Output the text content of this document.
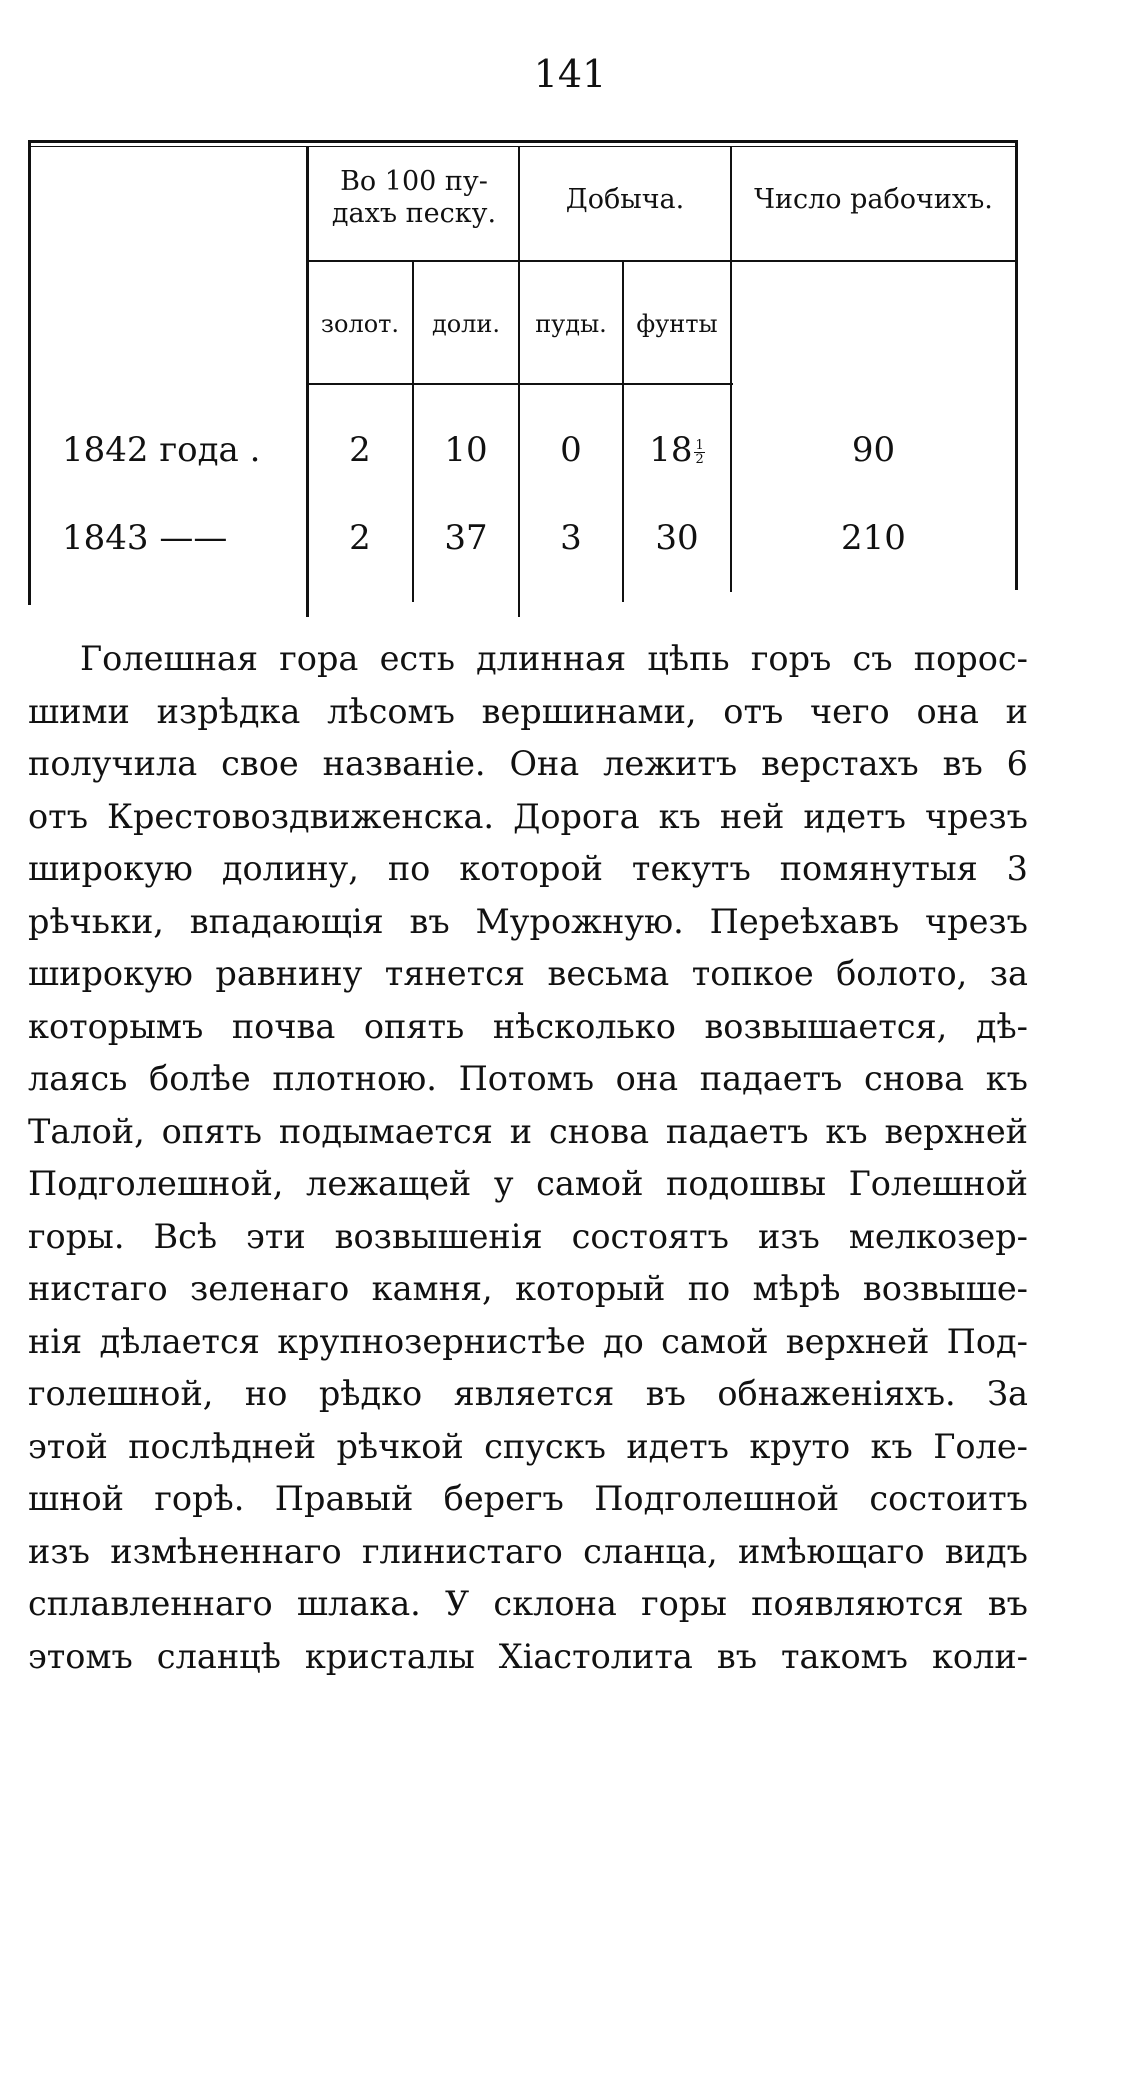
141
Во 100 пу-
дахъ песку.	Добыча.	Число рабочихъ.
золот.	доли.	пуды.	фунты
1842 года .	2	10	0	$18 \frac{1}{2}$	90
1843 ——	2	37	3	30	210
Голешная гора есть длинная цѣпь горъ съ порос-
шими изрѣдка лѣсомъ вершинами, отъ чего она и
получила свое названіе. Она лежитъ верстахъ въ 6
отъ Крестовоздвиженска. Дорога къ ней идетъ чрезъ
широкую долину, по которой текутъ помянутыя 3
рѣчьки, впадающія въ Мурожную. Переѣхавъ чрезъ
широкую равнину тянется весьма топкое болото, за
которымъ почва опять нѣсколько возвышается, дѣ-
лаясь болѣе плотною. Потомъ она падаетъ снова къ
Талой, опять подымается и снова падаетъ къ верхней
Подголешной, лежащей у самой подошвы Голешной
горы. Всѣ эти возвышенія состоятъ изъ мелкозер-
нистаго зеленаго камня, который по мѣрѣ возвыше-
нія дѣлается крупнозернистѣе до самой верхней Под-
голешной, но рѣдко является въ обнаженіяхъ. За
этой послѣдней рѣчкой спускъ идетъ круто къ Голе-
шной горѣ. Правый берегъ Подголешной состоитъ
изъ измѣненнаго глинистаго сланца, имѣющаго видъ
сплавленнаго шлака. У склона горы появляются въ
этомъ сланцѣ кристалы Хіастолита въ такомъ коли-
